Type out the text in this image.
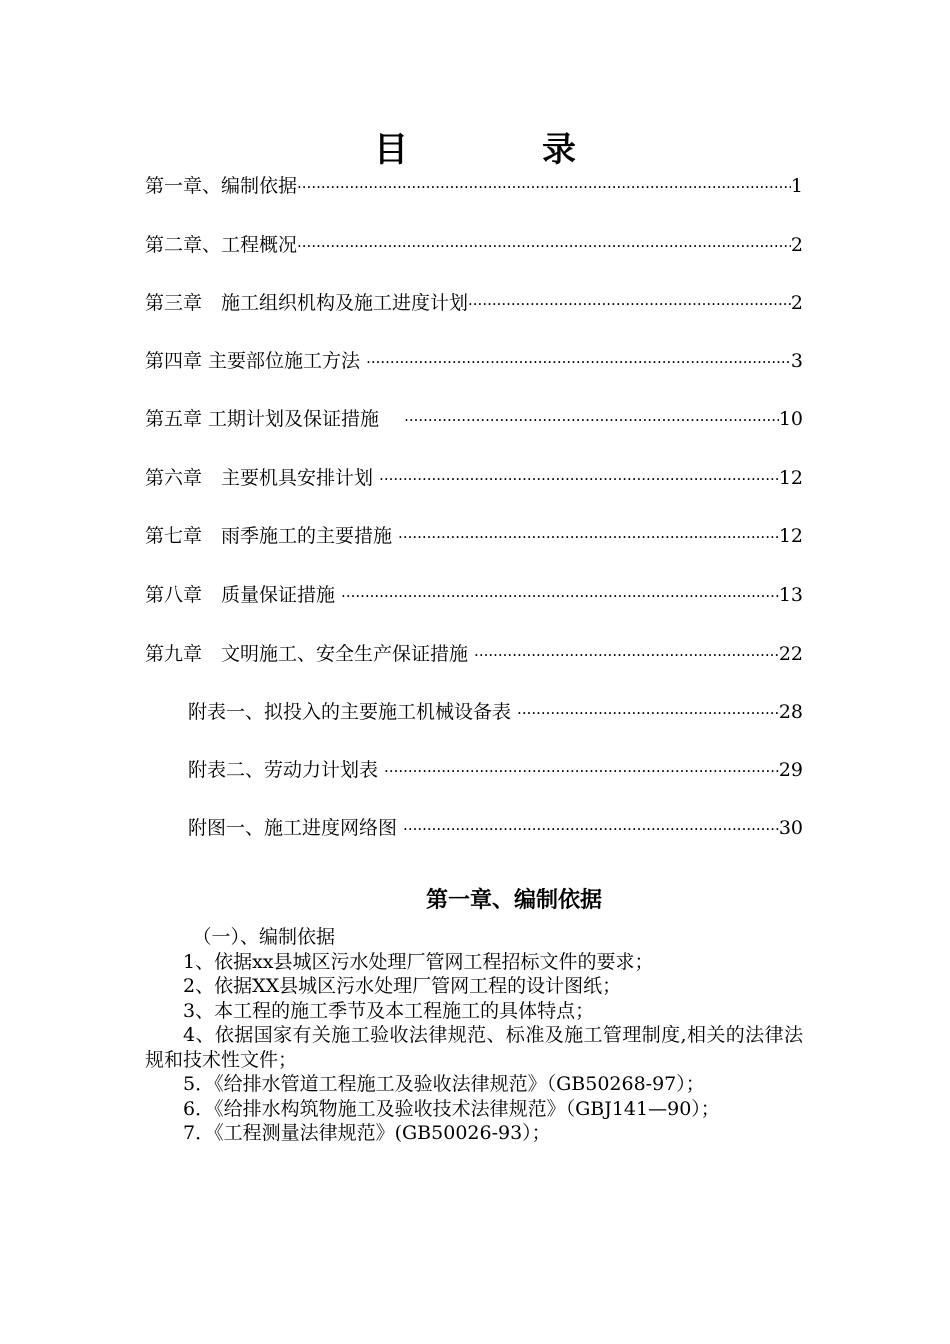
目　录
第一章、编制依据 ·····	1
第二章、工程概况 ·····	2
第三章　施工组织机构及施工进度计划 ·····	2
第四章 主要部位施工方法 ·····	3
第五章 工期计划及保证措施　 ·····	10
第六章　主要机具安排计划 ·····	12
第七章　雨季施工的主要措施 ·····	12
第八章　质量保证措施 ·····	13
第九章　文明施工、安全生产保证措施 ·····	22
附表一、拟投入的主要施工机械设备表 ·····	28
附表二、劳动力计划表 ·····	29
附图一、施工进度网络图 ·····	30
第一章、编制依据

（一）、编制依据

1、依据xx县城区污水处理厂管网工程招标文件的要求；

2、依据XX县城区污水处理厂管网工程的设计图纸；

3、本工程的施工季节及本工程施工的具体特点；

4、依据国家有关施工验收法律规范、标准及施工管理制度,相关的法律法规和技术性文件；

5．《给排水管道工程施工及验收法律规范》（GB50268-97）；

6．《给排水构筑物施工及验收技术法律规范》（GBJ141—90）；

7．《工程测量法律规范》(GB50026-93）；
